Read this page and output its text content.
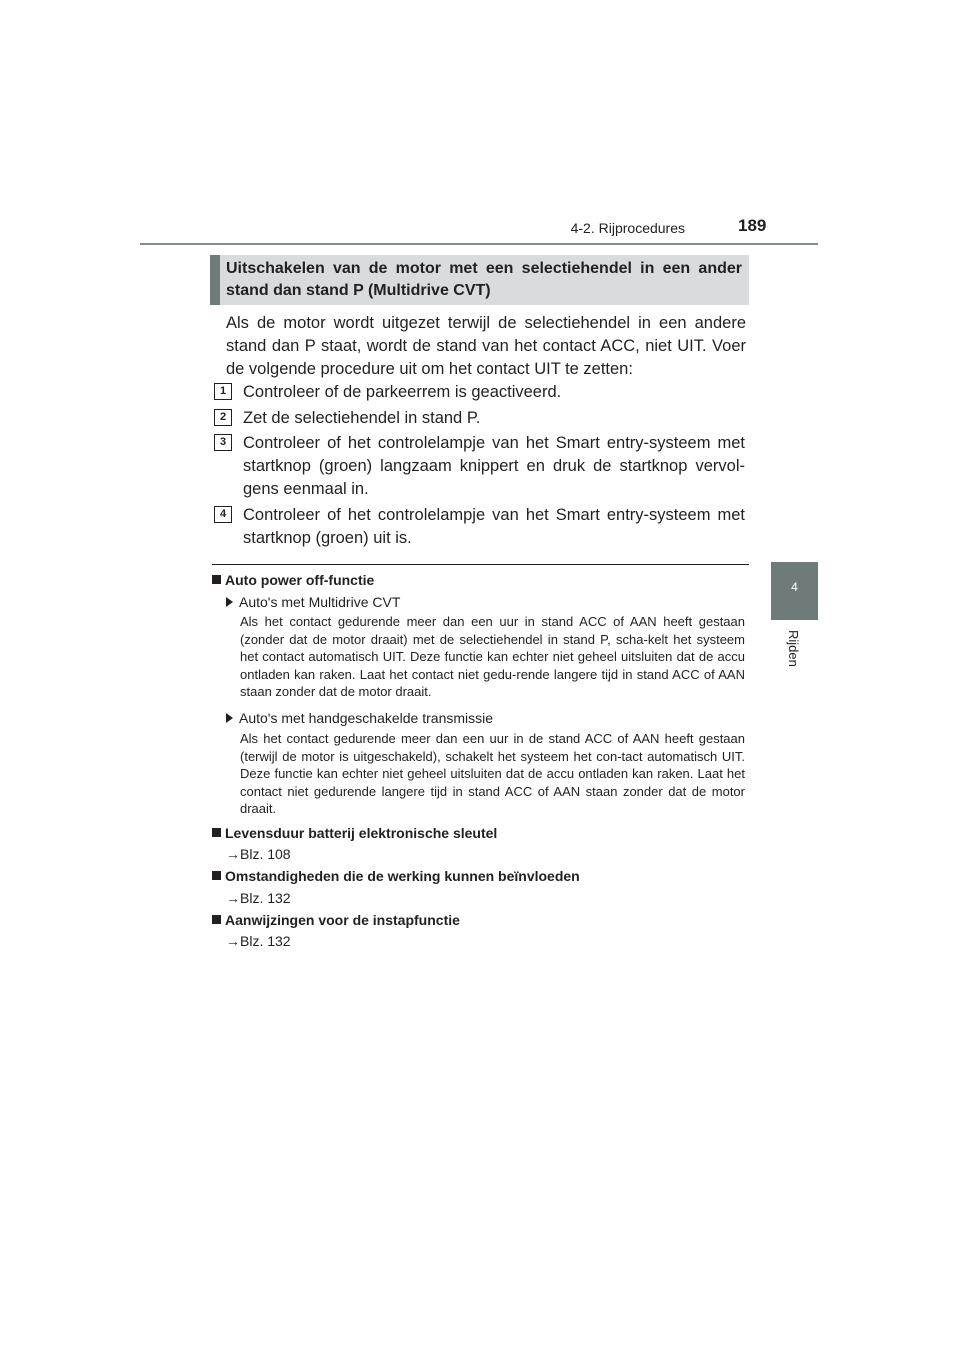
4-2. Rijprocedures	189
4
Rijden
Uitschakelen van de motor met een selectiehendel in een ander stand dan stand P (Multidrive CVT)
Als de motor wordt uitgezet terwijl de selectiehendel in een andere stand dan P staat, wordt de stand van het contact ACC, niet UIT. Voer de volgende procedure uit om het contact UIT te zetten:
1 Controleer of de parkeerrem is geactiveerd.
2 Zet de selectiehendel in stand P.
3 Controleer of het controlelampje van het Smart entry-systeem met startknop (groen) langzaam knippert en druk de startknop vervol-gens eenmaal in.
4 Controleer of het controlelampje van het Smart entry-systeem met startknop (groen) uit is.
Auto power off-functie
Auto's met Multidrive CVT
Als het contact gedurende meer dan een uur in stand ACC of AAN heeft gestaan (zonder dat de motor draait) met de selectiehendel in stand P, scha-kelt het systeem het contact automatisch UIT. Deze functie kan echter niet geheel uitsluiten dat de accu ontladen kan raken. Laat het contact niet gedu-rende langere tijd in stand ACC of AAN staan zonder dat de motor draait.
Auto's met handgeschakelde transmissie
Als het contact gedurende meer dan een uur in de stand ACC of AAN heeft gestaan (terwijl de motor is uitgeschakeld), schakelt het systeem het con-tact automatisch UIT. Deze functie kan echter niet geheel uitsluiten dat de accu ontladen kan raken. Laat het contact niet gedurende langere tijd in stand ACC of AAN staan zonder dat de motor draait.
Levensduur batterij elektronische sleutel
→Blz. 108
Omstandigheden die de werking kunnen beïnvloeden
→Blz. 132
Aanwijzingen voor de instapfunctie
→Blz. 132
